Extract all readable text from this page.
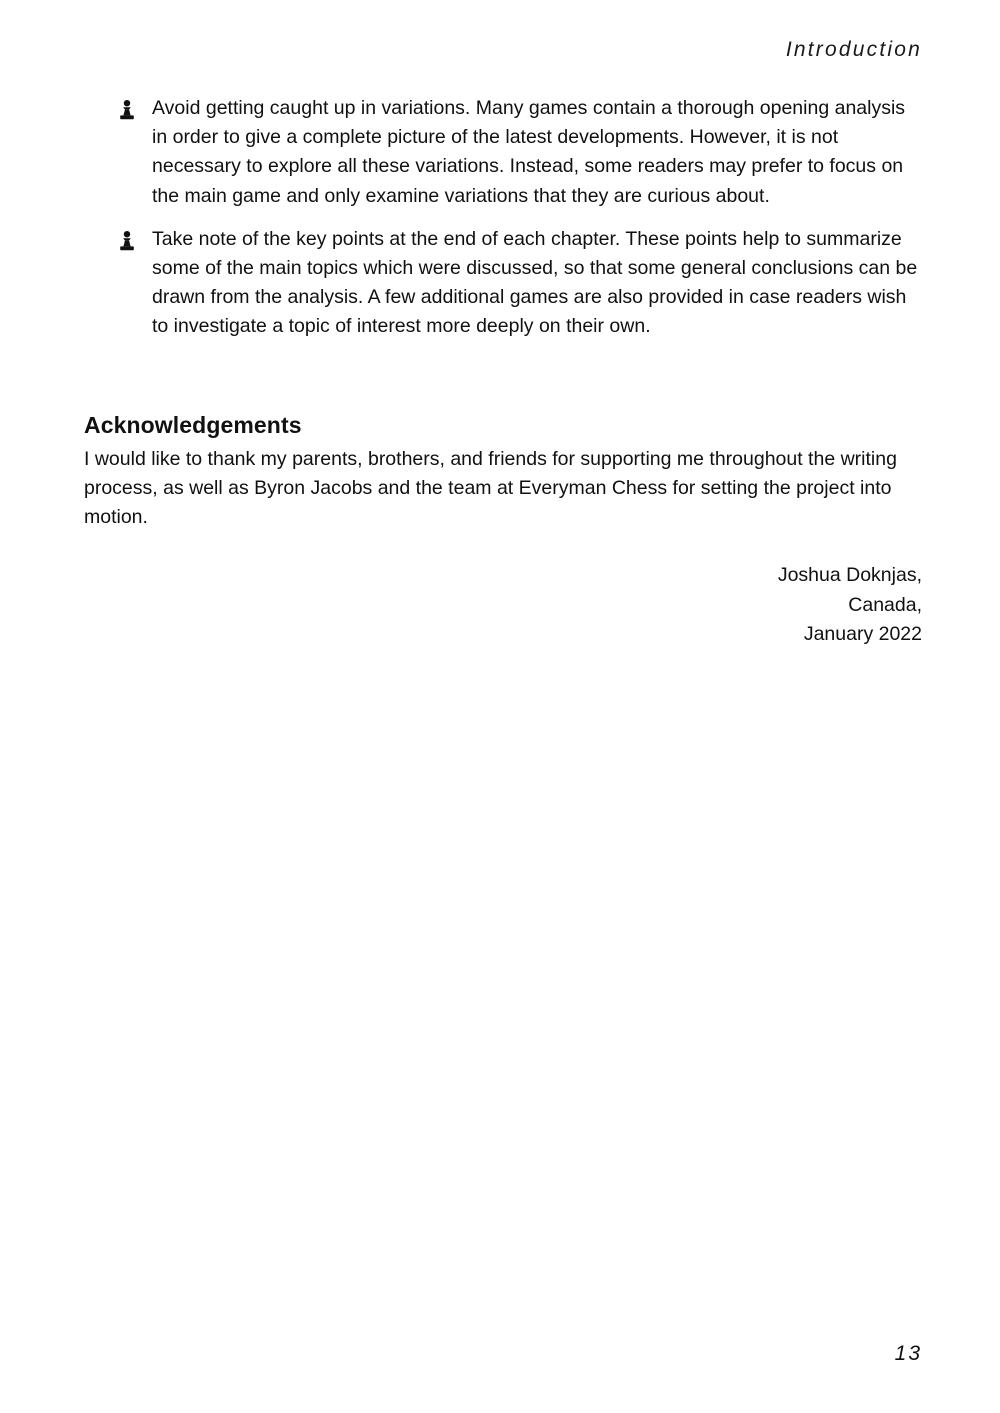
Introduction

Avoid getting caught up in variations. Many games contain a thorough opening analysis in order to give a complete picture of the latest developments. However, it is not necessary to explore all these variations. Instead, some readers may prefer to focus on the main game and only examine variations that they are curious about.

Take note of the key points at the end of each chapter. These points help to summarize some of the main topics which were discussed, so that some general conclusions can be drawn from the analysis. A few additional games are also provided in case readers wish to investigate a topic of interest more deeply on their own.

Acknowledgements

I would like to thank my parents, brothers, and friends for supporting me throughout the writing process, as well as Byron Jacobs and the team at Everyman Chess for setting the project into motion.

Joshua Doknjas,
Canada,
January 2022
13
